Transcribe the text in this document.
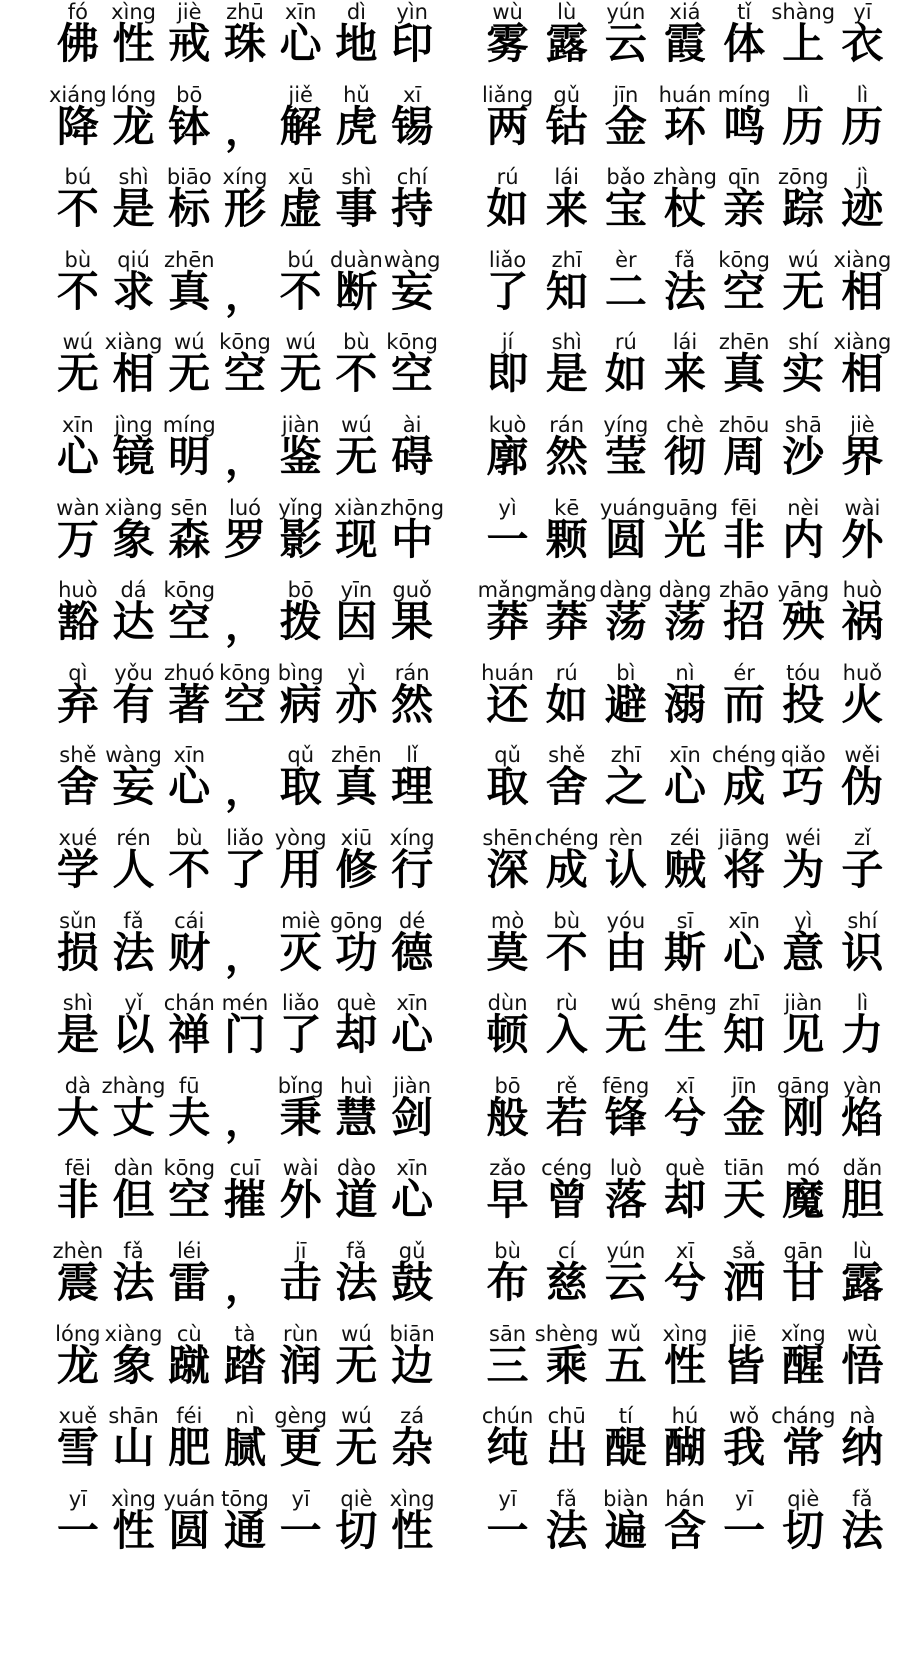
fó
佛
xìng
性
jiè
戒
zhū
珠
xīn
心
dì
地
yìn
印
xiáng
降
lóng
龙
bō
钵 ，
jiě
解
hǔ
虎
xī
锡
bú
不
shì
是
biāo
标
xíng
形
xū
虚
shì
事
chí
持
bù
不
qiú
求
zhēn
真 ，
bú
不
duàn
断
wàng
妄
wú
无
xiàng
相
wú
无
kōng
空
wú
无
bù
不
kōng
空
xīn
心
jìng
镜
míng
明 ，
jiàn
鉴
wú
无
ài
碍
wàn
万
xiàng
象
sēn
森
luó
罗
yǐng
影
xiàn
现
zhōng
中
huò
豁
dá
达
kōng
空 ，
bō
拨
yīn
因
guǒ
果
qì
弃
yǒu
有
zhuó
著
kōng
空
bìng
病
yì
亦
rán
然
shě
舍
wàng
妄
xīn
心 ，
qǔ
取
zhēn
真
lǐ
理
xué
学
rén
人
bù
不
liǎo
了
yòng
用
xiū
修
xíng
行
sǔn
损
fǎ
法
cái
财 ，
miè
灭
gōng
功
dé
德
shì
是
yǐ
以
chán
禅
mén
门
liǎo
了
què
却
xīn
心
dà
大
zhàng
丈
fū
夫 ，
bǐng
秉
huì
慧
jiàn
剑
fēi
非
dàn
但
kōng
空
cuī
摧
wài
外
dào
道
xīn
心
zhèn
震
fǎ
法
léi
雷 ，
jī
击
fǎ
法
gǔ
鼓
lóng
龙
xiàng
象
cù
蹴
tà
踏
rùn
润
wú
无
biān
边
xuě
雪
shān
山
féi
肥
nì
腻
gèng
更
wú
无
zá
杂
yī
一
xìng
性
yuán
圆
tōng
通
yī
一
qiè
切
xìng
性
wù
雾
lù
露
yún
云
xiá
霞
tǐ
体
shàng
上
yī
衣
liǎng
两
gǔ
钴
jīn
金
huán
环
míng
鸣
lì
历
lì
历
rú
如
lái
来
bǎo
宝
zhàng
杖
qīn
亲
zōng
踪
jì
迹
liǎo
了
zhī
知
èr
二
fǎ
法
kōng
空
wú
无
xiàng
相
jí
即
shì
是
rú
如
lái
来
zhēn
真
shí
实
xiàng
相
kuò
廓
rán
然
yíng
莹
chè
彻
zhōu
周
shā
沙
jiè
界
yì
一
kē
颗
yuán
圆
guāng
光
fēi
非
nèi
内
wài
外
mǎng
莽
mǎng
莽
dàng
荡
dàng
荡
zhāo
招
yāng
殃
huò
祸
huán
还
rú
如
bì
避
nì
溺
ér
而
tóu
投
huǒ
火
qǔ
取
shě
舍
zhī
之
xīn
心
chéng
成
qiǎo
巧
wěi
伪
shēn
深
chéng
成
rèn
认
zéi
贼
jiāng
将
wéi
为
zǐ
子
mò
莫
bù
不
yóu
由
sī
斯
xīn
心
yì
意
shí
识
dùn
顿
rù
入
wú
无
shēng
生
zhī
知
jiàn
见
lì
力
bō
般
rě
若
fēng
锋
xī
兮
jīn
金
gāng
刚
yàn
焰
zǎo
早
céng
曾
luò
落
què
却
tiān
天
mó
魔
dǎn
胆
bù
布
cí
慈
yún
云
xī
兮
sǎ
洒
gān
甘
lù
露
sān
三
shèng
乘
wǔ
五
xìng
性
jiē
皆
xǐng
醒
wù
悟
chún
纯
chū
出
tí
醍
hú
醐
wǒ
我
cháng
常
nà
纳
yī
一
fǎ
法
biàn
遍
hán
含
yī
一
qiè
切
fǎ
法
